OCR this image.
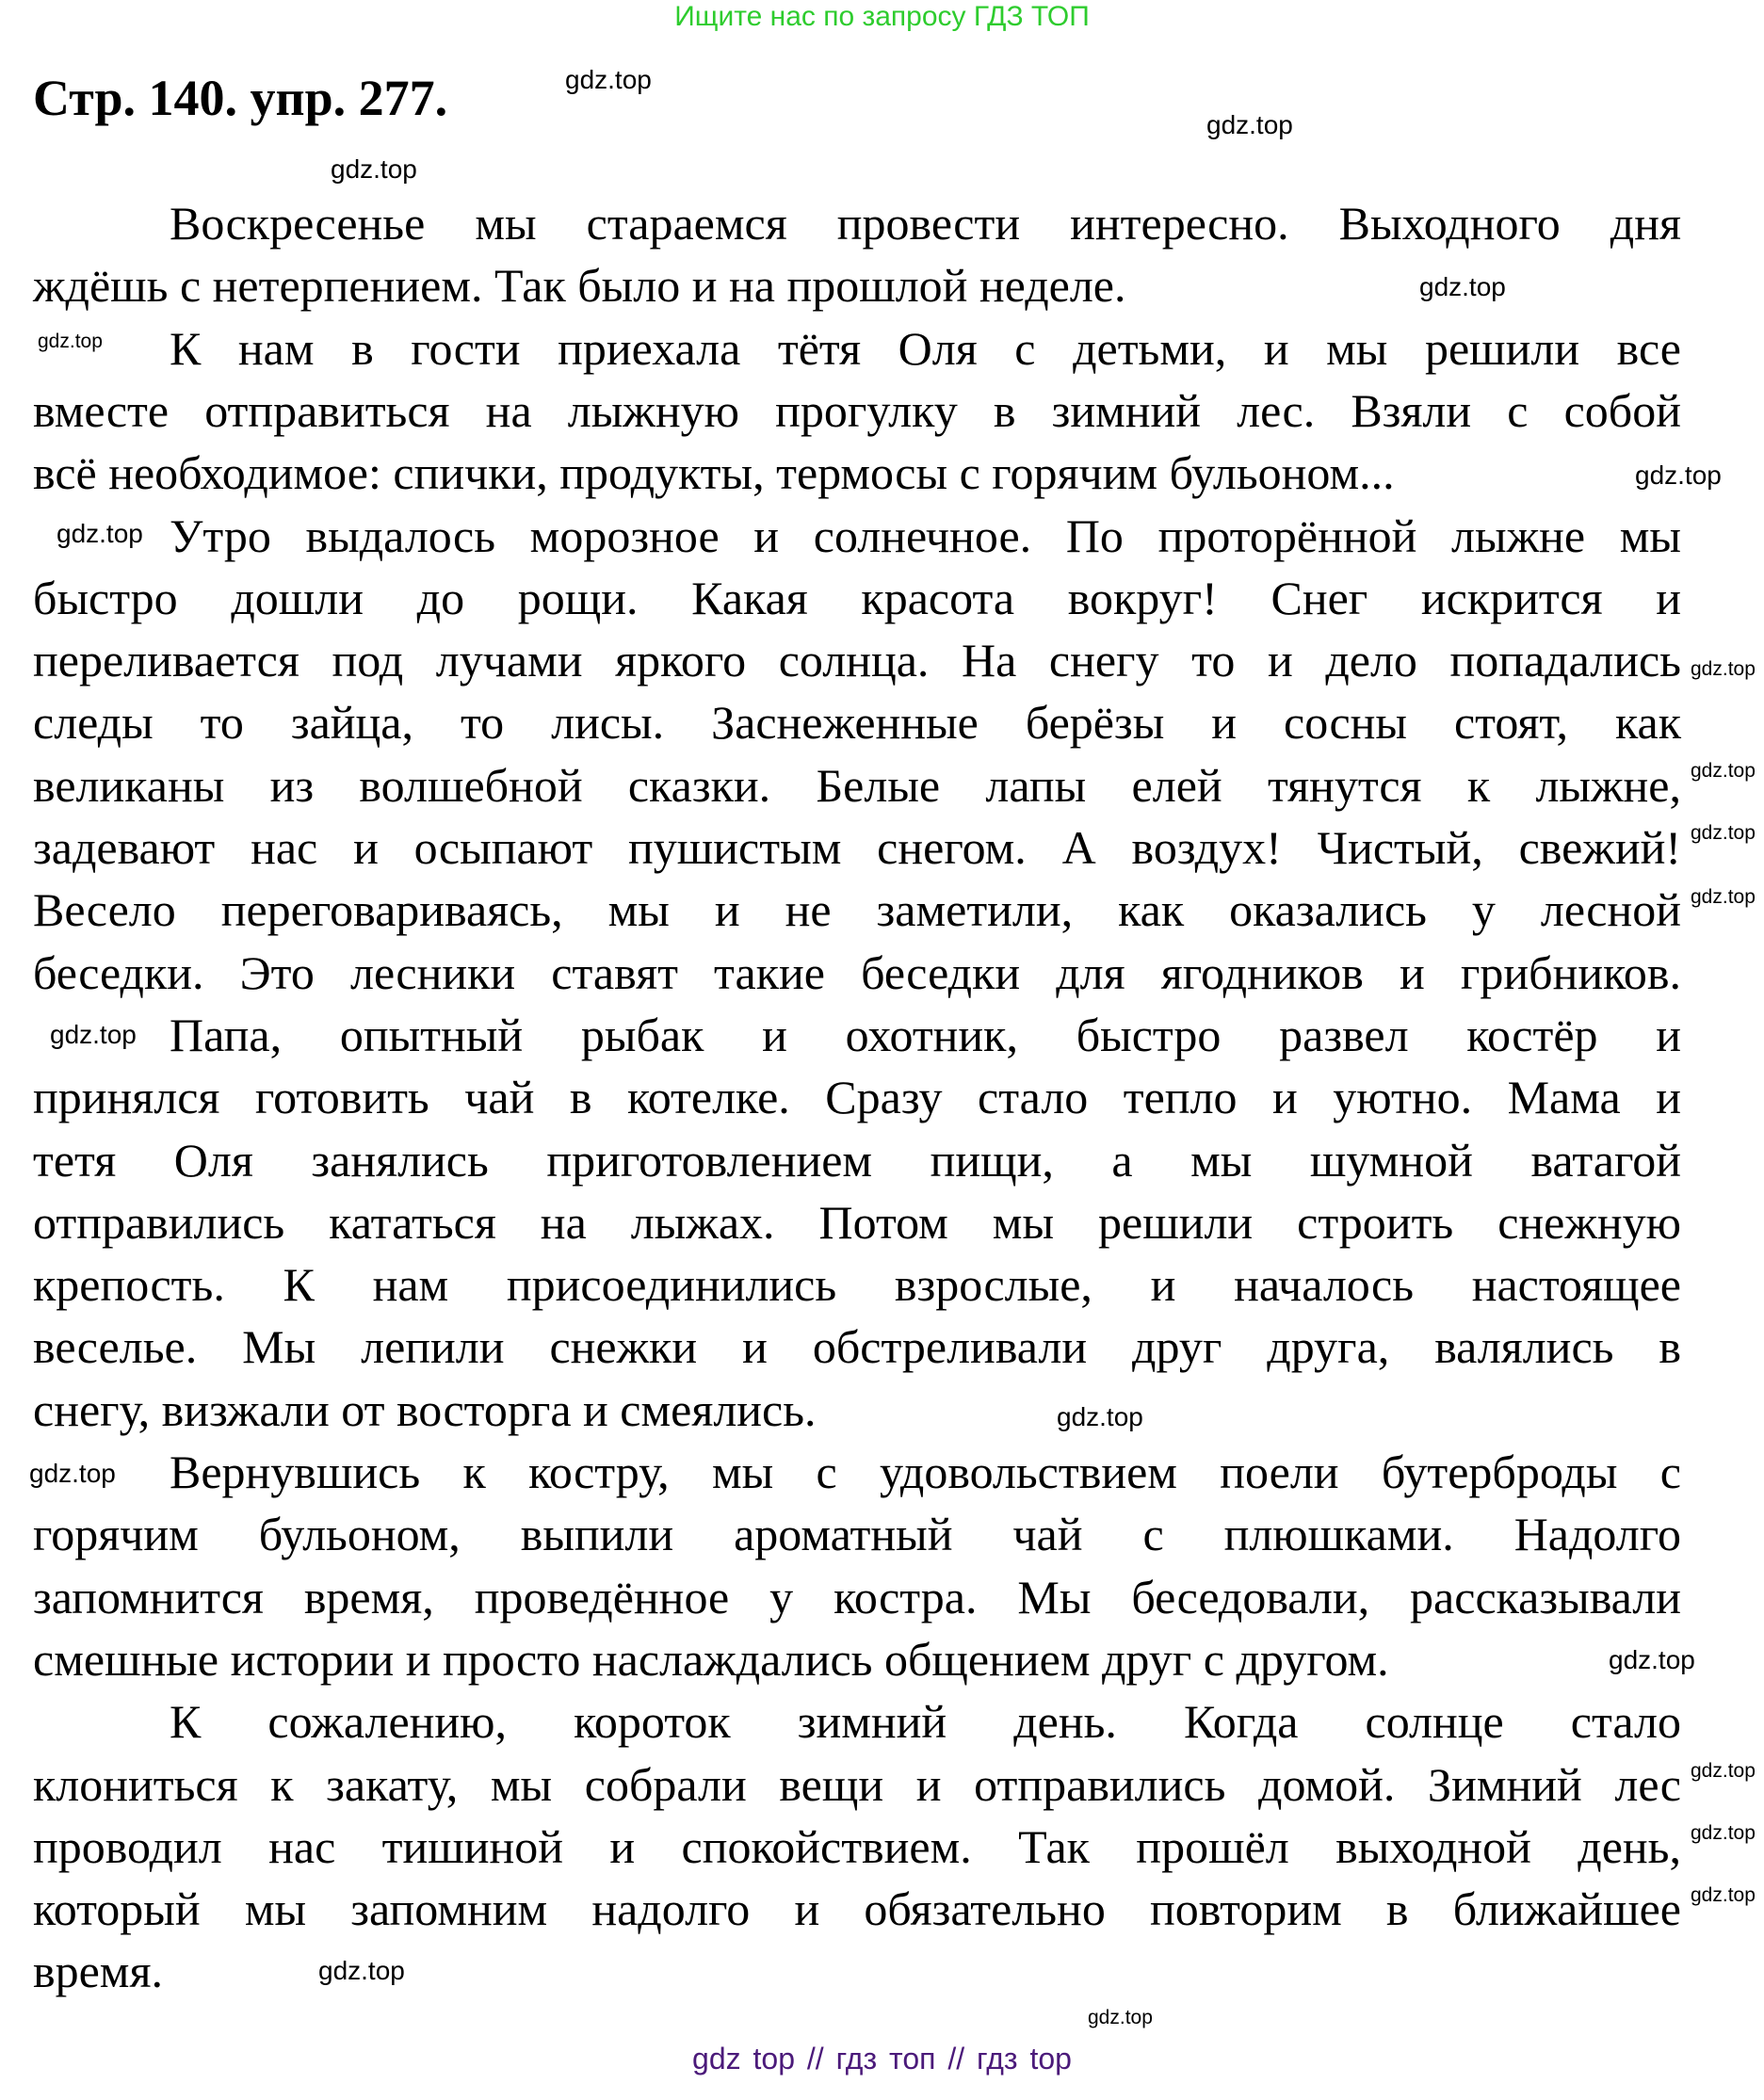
Ищите нас по запросу ГДЗ ТОП
Стр. 140. упр. 277.
Воскресенье мы стараемся провести интересно. Выходного дня
ждёшь с нетерпением. Так было и на прошлой неделе.
К нам в гости приехала тётя Оля с детьми, и мы решили все
вместе отправиться на лыжную прогулку в зимний лес. Взяли с собой
всё необходимое: спички, продукты, термосы с горячим бульоном...
Утро выдалось морозное и солнечное. По проторённой лыжне мы
быстро дошли до рощи. Какая красота вокруг! Снег искрится и
переливается под лучами яркого солнца. На снегу то и дело попадались
следы то зайца, то лисы. Заснеженные берёзы и сосны стоят, как
великаны из волшебной сказки. Белые лапы елей тянутся к лыжне,
задевают нас и осыпают пушистым снегом. А воздух! Чистый, свежий!
Весело переговариваясь, мы и не заметили, как оказались у лесной
беседки. Это лесники ставят такие беседки для ягодников и грибников.
Папа, опытный рыбак и охотник, быстро развел костёр и
принялся готовить чай в котелке. Сразу стало тепло и уютно. Мама и
тетя Оля занялись приготовлением пищи, а мы шумной ватагой
отправились кататься на лыжах. Потом мы решили строить снежную
крепость. К нам присоединились взрослые, и началось настоящее
веселье. Мы лепили снежки и обстреливали друг друга, валялись в
снегу, визжали от восторга и смеялись.
Вернувшись к костру, мы с удовольствием поели бутерброды с
горячим бульоном, выпили ароматный чай с плюшками. Надолго
запомнится время, проведённое у костра. Мы беседовали, рассказывали
смешные истории и просто наслаждались общением друг с другом.
К сожалению, короток зимний день. Когда солнце стало
клониться к закату, мы собрали вещи и отправились домой. Зимний лес
проводил нас тишиной и спокойствием. Так прошёл выходной день,
который мы запомним надолго и обязательно повторим в ближайшее
время.
gdz.top
gdz.top
gdz.top
gdz.top
gdz.top
gdz.top
gdz.top
gdz.top
gdz.top
gdz.top
gdz.top
gdz.top
gdz.top
gdz.top
gdz.top
gdz.top
gdz.top
gdz.top
gdz.top
gdz.top
gdz top // гдз топ // гдз top
